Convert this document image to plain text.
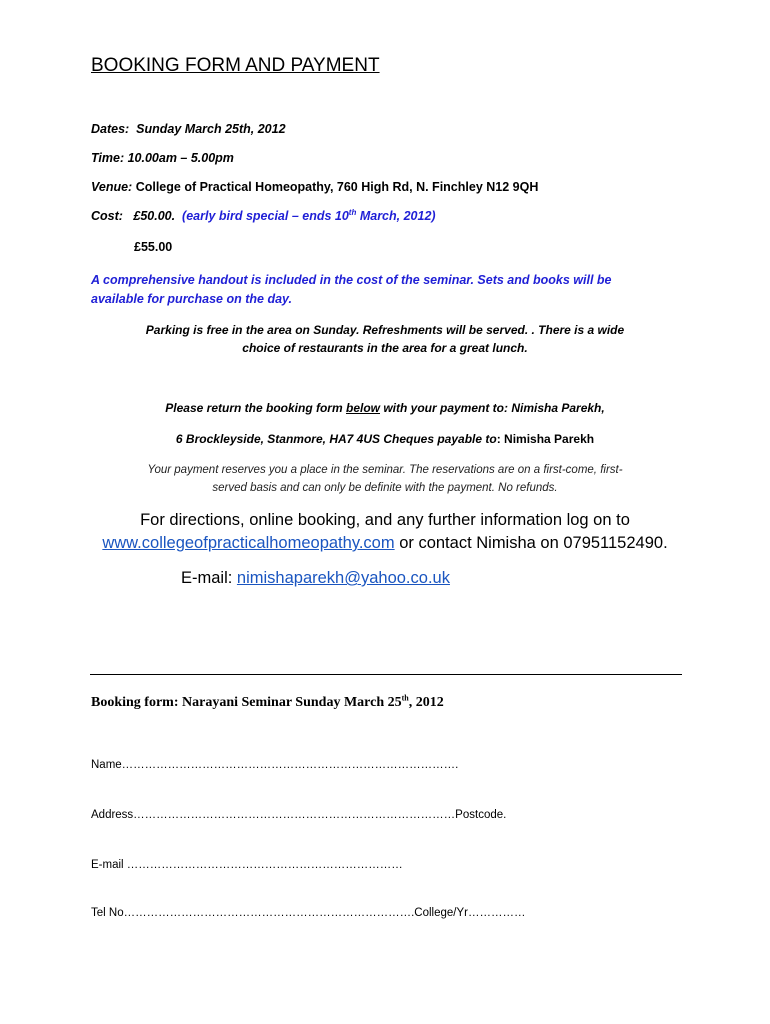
BOOKING FORM AND PAYMENT
Dates: Sunday March 25th, 2012
Time: 10.00am – 5.00pm
Venue: College of Practical Homeopathy, 760 High Rd, N. Finchley N12 9QH
Cost: £50.00. (early bird special – ends 10th March, 2012)
£55.00
A comprehensive handout is included in the cost of the seminar. Sets and books will be
available for purchase on the day.
Parking is free in the area on Sunday. Refreshments will be served. . There is a wide
choice of restaurants in the area for a great lunch.
Please return the booking form below with your payment to: Nimisha Parekh,
6 Brockleyside, Stanmore, HA7 4US Cheques payable to: Nimisha Parekh
Your payment reserves you a place in the seminar. The reservations are on a first-come, first-
served basis and can only be definite with the payment. No refunds.
For directions, online booking, and any further information log on to
www.collegeofpracticalhomeopathy.com or contact Nimisha on 07951152490.
E-mail: nimishaparekh@yahoo.co.uk
Booking form: Narayani Seminar Sunday March 25th, 2012
Name…………………………………………………………………………….
Address…………………………………………………………………………Postcode.
E-mail ………………………………………………………………
Tel No………………………………………………………………….College/Yr……………
